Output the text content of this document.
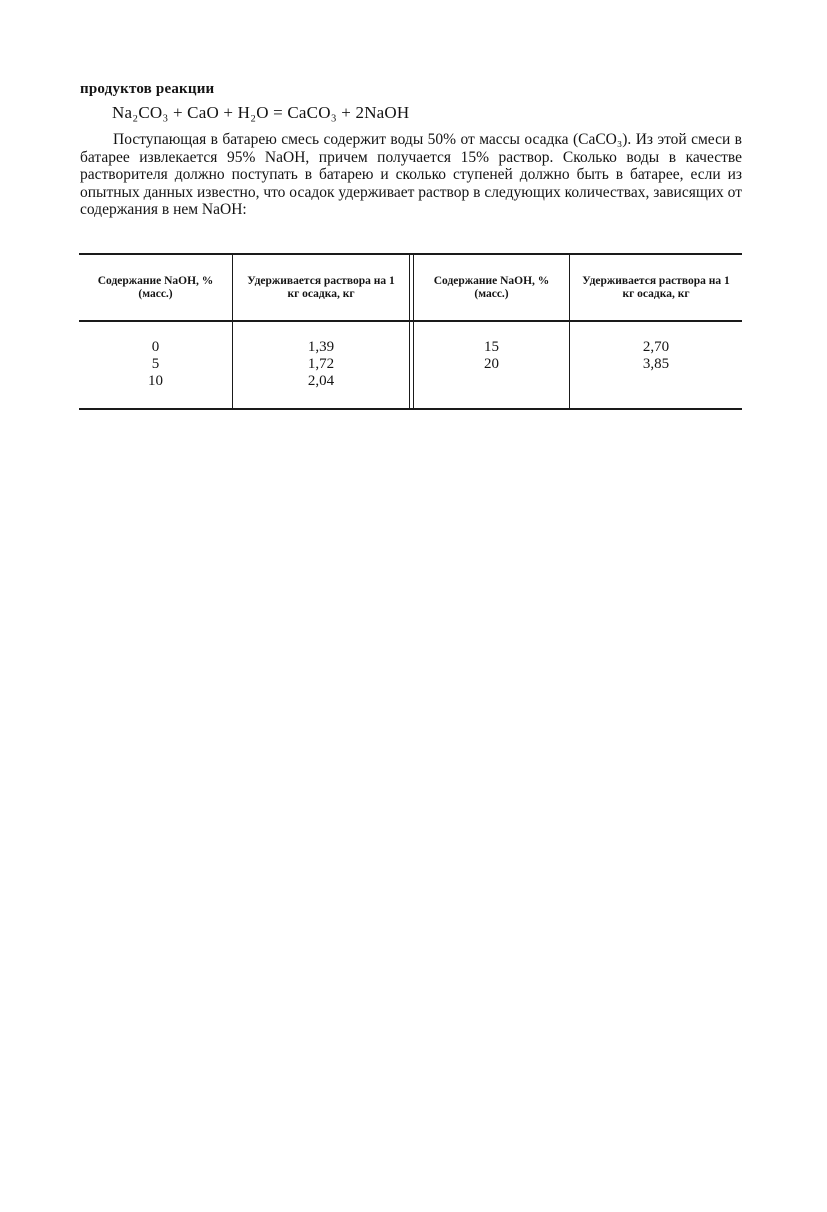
продуктов реакции
Na₂CO₃ + CaO + H₂O = CaCO₃ + 2NaOH

Поступающая в батарею смесь содержит воды 50% от массы осадка (CaCO₃). Из этой смеси в батарее извлекается 95% NaOH, причем получается 15% раствор. Сколько воды в качестве растворителя должно поступать в батарею и сколько ступеней должно быть в батарее, если из опытных данных известно, что осадок удерживает раствор в следующих количествах, зависящих от содержания в нем NaOH:

Содержание NaOH, % (масс.)
Удерживается раствора на 1 кг осадка, кг
Содержание NaOH, % (масс.)
Удерживается раствора на 1 кг осадка, кг
0
5
10
1,39
1,72
2,04
15
20
2,70
3,85
